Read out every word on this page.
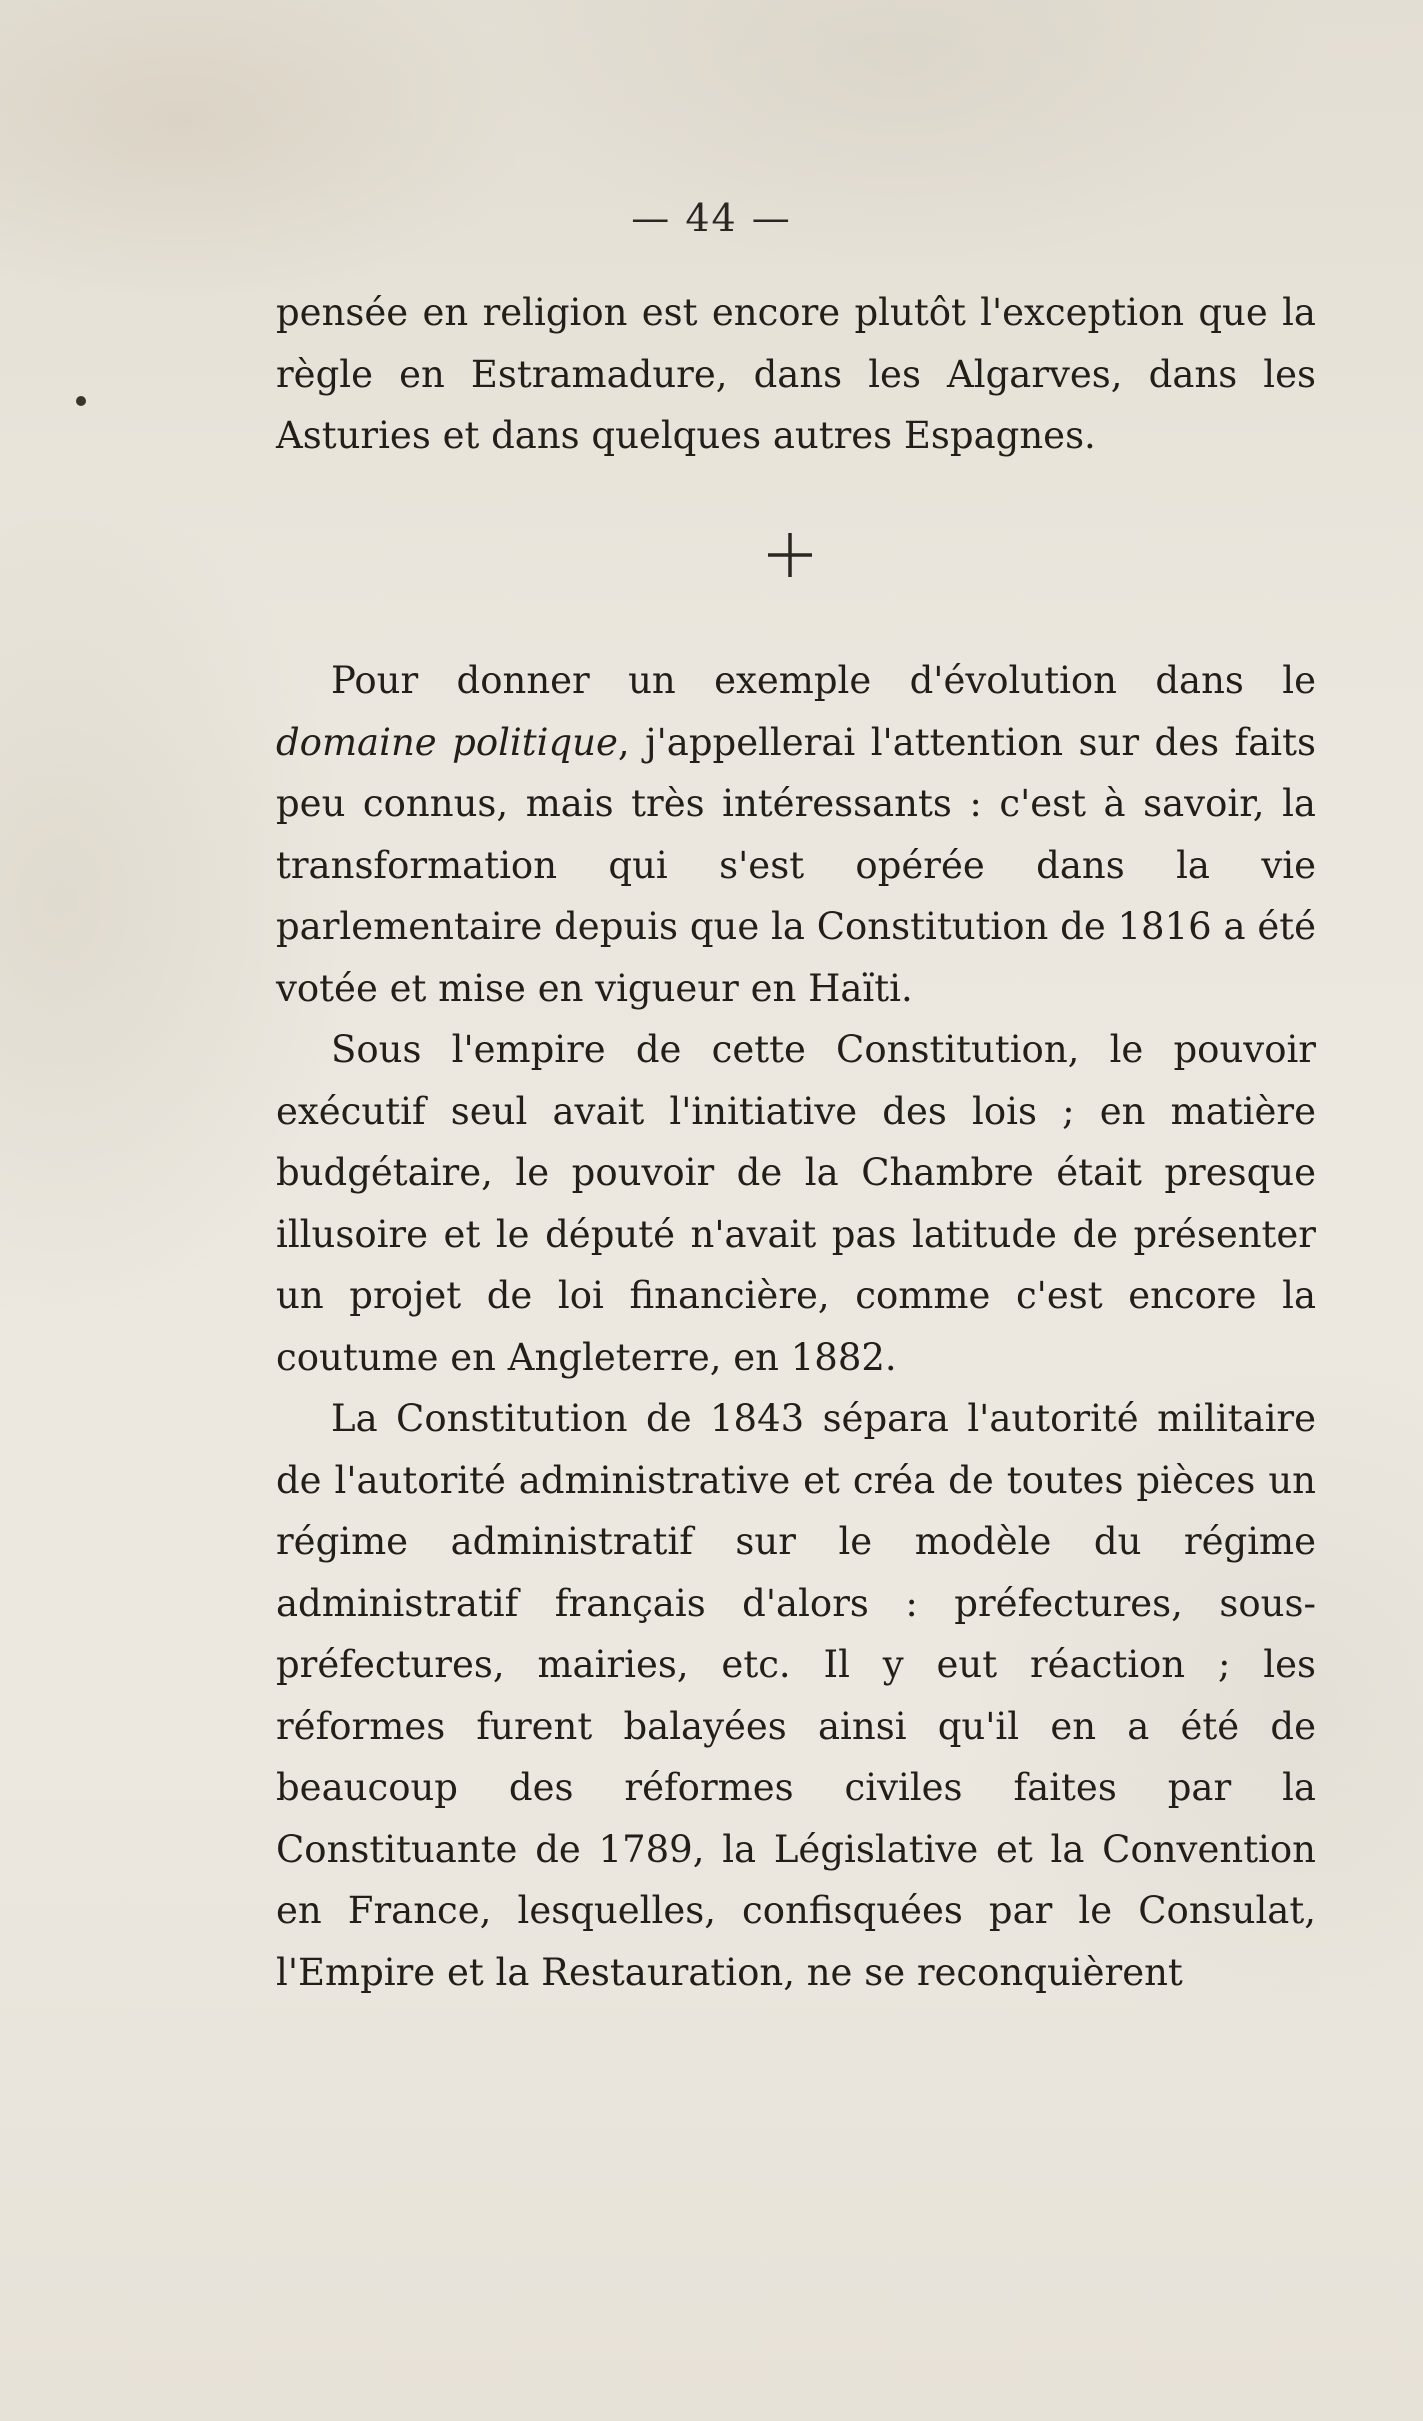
— 44 —

pensée en religion est encore plutôt l'exception que la règle en Estramadure, dans les Algarves, dans les Asturies et dans quelques autres Espagnes.

Pour donner un exemple d'évolution dans le domaine politique, j'appellerai l'attention sur des faits peu connus, mais très intéressants : c'est à savoir, la transformation qui s'est opérée dans la vie parlementaire depuis que la Constitution de 1816 a été votée et mise en vigueur en Haïti.

Sous l'empire de cette Constitution, le pouvoir exécutif seul avait l'initiative des lois ; en matière budgétaire, le pouvoir de la Chambre était presque illusoire et le député n'avait pas latitude de présenter un projet de loi financière, comme c'est encore la coutume en Angleterre, en 1882.

La Constitution de 1843 sépara l'autorité militaire de l'autorité administrative et créa de toutes pièces un régime administratif sur le modèle du régime administratif français d'alors : préfectures, sous-préfectures, mairies, etc. Il y eut réaction ; les réformes furent balayées ainsi qu'il en a été de beaucoup des réformes civiles faites par la Constituante de 1789, la Législative et la Convention en France, lesquelles, confisquées par le Consulat, l'Empire et la Restauration, ne se reconquièrent
